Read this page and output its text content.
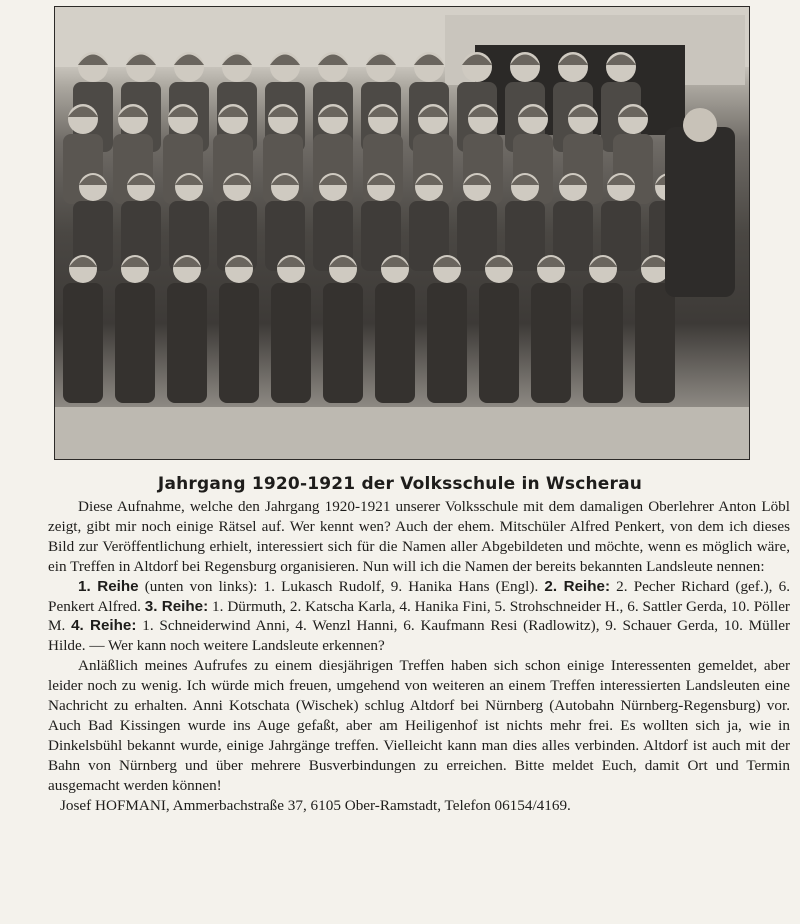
Jahrgang 1920-1921 der Volksschule in Wscherau

Diese Aufnahme, welche den Jahrgang 1920-1921 unserer Volksschule mit dem damaligen Oberlehrer Anton Löbl zeigt, gibt mir noch einige Rätsel auf. Wer kennt wen? Auch der ehem. Mitschüler Alfred Penkert, von dem ich dieses Bild zur Veröffentlichung erhielt, interessiert sich für die Namen aller Abgebildeten und möchte, wenn es möglich wäre, ein Treffen in Altdorf bei Regensburg organisieren. Nun will ich die Namen der bereits bekannten Landsleute nennen:

1. Reihe (unten von links): 1. Lukasch Rudolf, 9. Hanika Hans (Engl). 2. Reihe: 2. Pecher Richard (gef.), 6. Penkert Alfred. 3. Reihe: 1. Dürmuth, 2. Katscha Karla, 4. Hanika Fini, 5. Strohschneider H., 6. Sattler Gerda, 10. Pöller M. 4. Reihe: 1. Schneiderwind Anni, 4. Wenzl Hanni, 6. Kaufmann Resi (Radlowitz), 9. Schauer Gerda, 10. Müller Hilde. — Wer kann noch weitere Landsleute erkennen?

Anläßlich meines Aufrufes zu einem diesjährigen Treffen haben sich schon einige Interessenten gemeldet, aber leider noch zu wenig. Ich würde mich freuen, umgehend von weiteren an einem Treffen interessierten Landsleuten eine Nachricht zu erhalten. Anni Kotschata (Wischek) schlug Altdorf bei Nürnberg (Autobahn Nürnberg-Regensburg) vor. Auch Bad Kissingen wurde ins Auge gefaßt, aber am Heiligenhof ist nichts mehr frei. Es wollten sich ja, wie in Dinkelsbühl bekannt wurde, einige Jahrgänge treffen. Vielleicht kann man dies alles verbinden. Altdorf ist auch mit der Bahn von Nürnberg und über mehrere Busverbindungen zu erreichen. Bitte meldet Euch, damit Ort und Termin ausgemacht werden können!

Josef HOFMANI, Ammerbachstraße 37, 6105 Ober-Ramstadt, Telefon 06154/4169.
